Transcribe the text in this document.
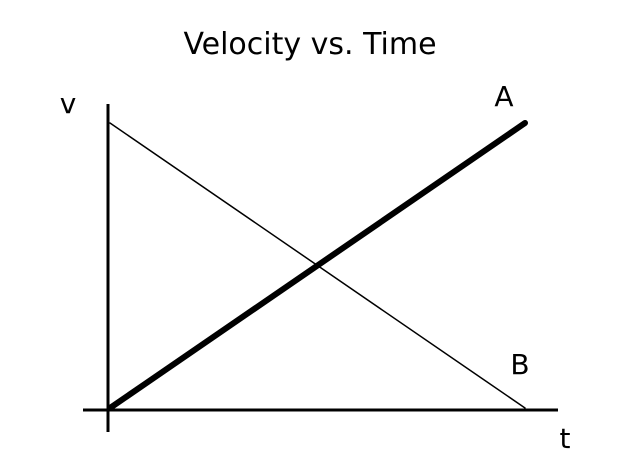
Velocity vs. Time
v
t
A
B
